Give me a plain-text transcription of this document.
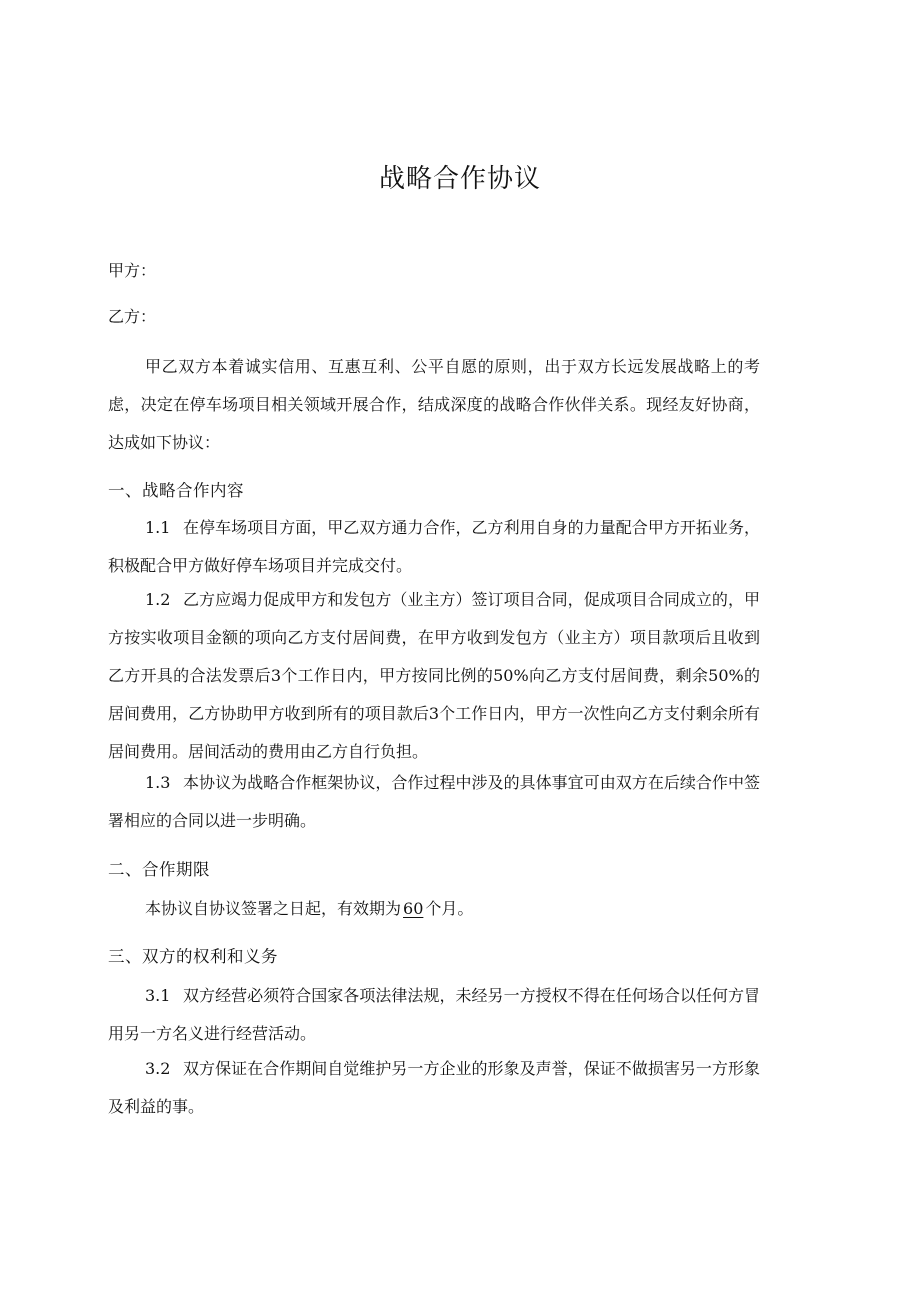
战略合作协议
甲方：
乙方：

甲乙双方本着诚实信用、互惠互利、公平自愿的原则，出于双方长远发展战略上的考虑，决定在停车场项目相关领域开展合作，结成深度的战略合作伙伴关系。现经友好协商，达成如下协议：

一、战略合作内容

1.1 在停车场项目方面，甲乙双方通力合作，乙方利用自身的力量配合甲方开拓业务，积极配合甲方做好停车场项目并完成交付。

1.2 乙方应竭力促成甲方和发包方（业主方）签订项目合同，促成项目合同成立的，甲方按实收项目金额的项向乙方支付居间费，在甲方收到发包方（业主方）项目款项后且收到乙方开具的合法发票后3个工作日内，甲方按同比例的50%向乙方支付居间费，剩余50%的居间费用，乙方协助甲方收到所有的项目款后3个工作日内，甲方一次性向乙方支付剩余所有居间费用。居间活动的费用由乙方自行负担。

1.3 本协议为战略合作框架协议，合作过程中涉及的具体事宜可由双方在后续合作中签署相应的合同以进一步明确。

二、合作期限
本协议自协议签署之日起，有效期为 60 个月。
三、双方的权利和义务

3.1 双方经营必须符合国家各项法律法规，未经另一方授权不得在任何场合以任何方冒用另一方名义进行经营活动。

3.2 双方保证在合作期间自觉维护另一方企业的形象及声誉，保证不做损害另一方形象及利益的事。
